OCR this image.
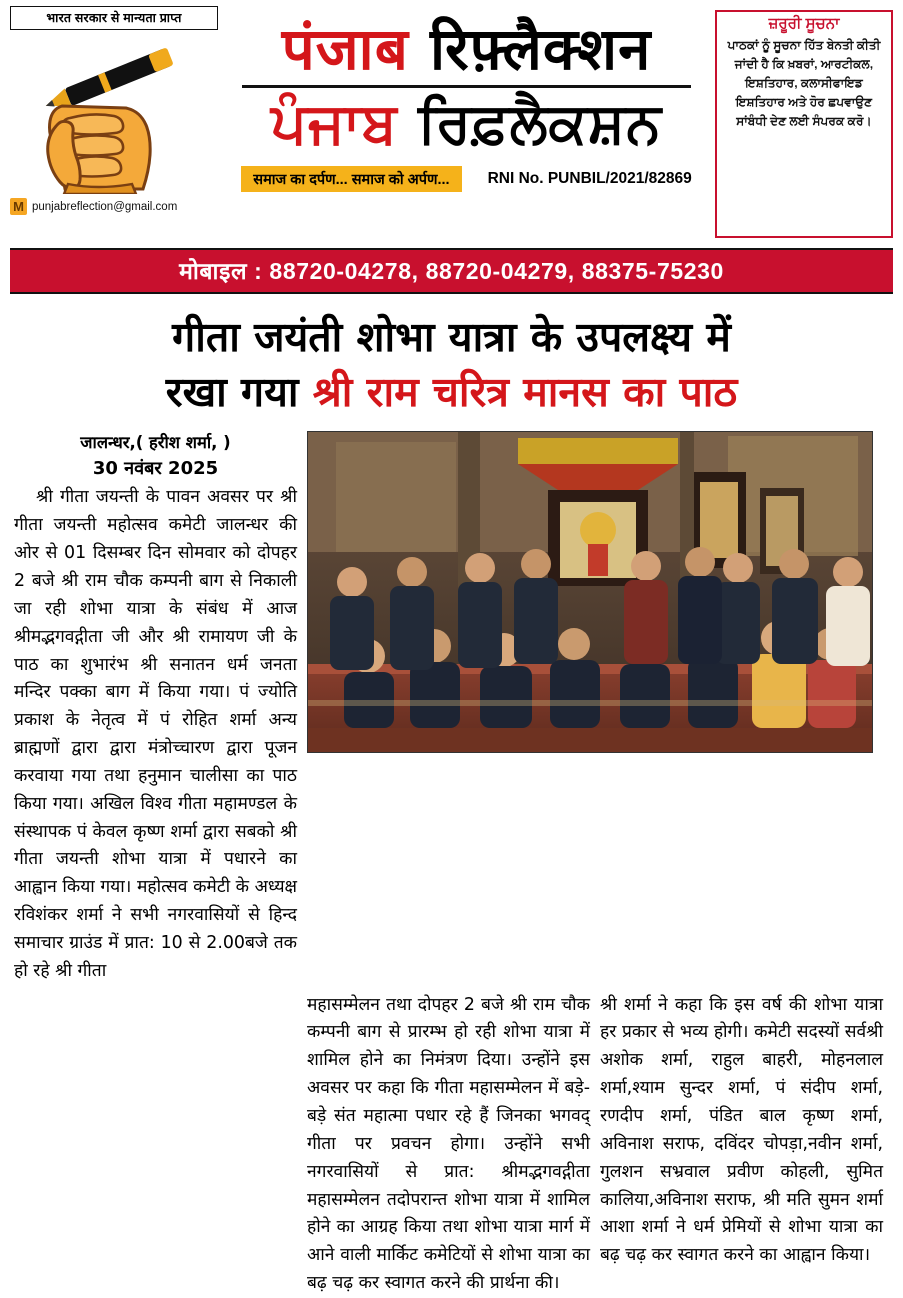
भारत सरकार से मान्यता प्राप्त
M punjabreflection@gmail.com
पंजाब रिफ़्लैक्शन
ਪੰਜਾਬ ਰਿਫ਼ਲੈਕਸ਼ਨ
समाज का दर्पण... समाज को अर्पण...	RNI No. PUNBIL/2021/82869
ਜ਼ਰੂਰੀ ਸੂਚਨਾ
ਪਾਠਕਾਂ ਨੂੰ ਸੂਚਨਾ ਹਿੱਤ ਬੇਨਤੀ ਕੀਤੀ ਜਾਂਦੀ ਹੈ ਕਿ ਖ਼ਬਰਾਂ, ਆਰਟੀਕਲ, ਇਸ਼ਤਿਹਾਰ, ਕਲਾਸੀਫਾਇਡ ਇਸ਼ਤਿਹਾਰ ਅਤੇ ਹੋਰ ਛਪਵਾਉਣ ਸਾਂਬੰਧੀ ਦੇਣ ਲਈ ਸੰਪਰਕ ਕਰੋ।
मोबाइल : 88720-04278, 88720-04279, 88375-75230
गीता जयंती शोभा यात्रा के उपलक्ष्य में
रखा गया श्री राम चरित्र मानस का पाठ
जालन्धर,( हरीश शर्मा, )
30 नवंबर 2025

श्री गीता जयन्ती के पावन अवसर पर श्री गीता जयन्ती महोत्सव कमेटी जालन्धर की ओर से 01 दिसम्बर दिन सोमवार को दोपहर 2 बजे श्री राम चौक कम्पनी बाग से निकाली जा रही शोभा यात्रा के संबंध में आज श्रीमद्भगवद्गीता जी और श्री रामायण जी के पाठ का शुभारंभ श्री सनातन धर्म जनता मन्दिर पक्का बाग में किया गया। पं ज्योति प्रकाश के नेतृत्व में पं रोहित शर्मा अन्य ब्राह्मणों द्वारा द्वारा मंत्रोच्चारण द्वारा पूजन करवाया गया तथा हनुमान चालीसा का पाठ किया गया। अखिल विश्व गीता महामण्डल के संस्थापक पं केवल कृष्ण शर्मा द्वारा सबको श्री गीता जयन्ती शोभा यात्रा में पधारने का आह्वान किया गया। महोत्सव कमेटी के अध्यक्ष रविशंकर शर्मा ने सभी नगरवासियों से हिन्द समाचार ग्राउंड में प्रात: 10 से 2.00बजे तक हो रहे श्री गीता

महासम्मेलन तथा दोपहर 2 बजे श्री राम चौक कम्पनी बाग से प्रारम्भ हो रही शोभा यात्रा में शामिल होने का निमंत्रण दिया। उन्होंने इस अवसर पर कहा कि गीता महासम्मेलन में बड़े-बड़े संत महात्मा पधार रहे हैं जिनका भगवद् गीता पर प्रवचन होगा। उन्होंने सभी नगरवासियों से प्रात: श्रीमद्भगवद्गीता महासम्मेलन तदोपरान्त शोभा यात्रा में शामिल होने का आग्रह किया तथा शोभा यात्रा मार्ग में आने वाली मार्किट कमेटियों से शोभा यात्रा का बढ़ चढ़ कर स्वागत करने की प्रार्थना की।

श्री शर्मा ने कहा कि इस वर्ष की शोभा यात्रा हर प्रकार से भव्य होगी। कमेटी सदस्यों सर्वश्री अशोक शर्मा, राहुल बाहरी, मोहनलाल शर्मा,श्याम सुन्दर शर्मा, पं संदीप शर्मा, रणदीप शर्मा, पंडित बाल कृष्ण शर्मा, अविनाश सराफ, दविंदर चोपड़ा,नवीन शर्मा, गुलशन सभ्रवाल प्रवीण कोहली, सुमित कालिया,अविनाश सराफ, श्री मति सुमन शर्मा आशा शर्मा ने धर्म प्रेमियों से शोभा यात्रा का बढ़ चढ़ कर स्वागत करने का आह्वान किया।
